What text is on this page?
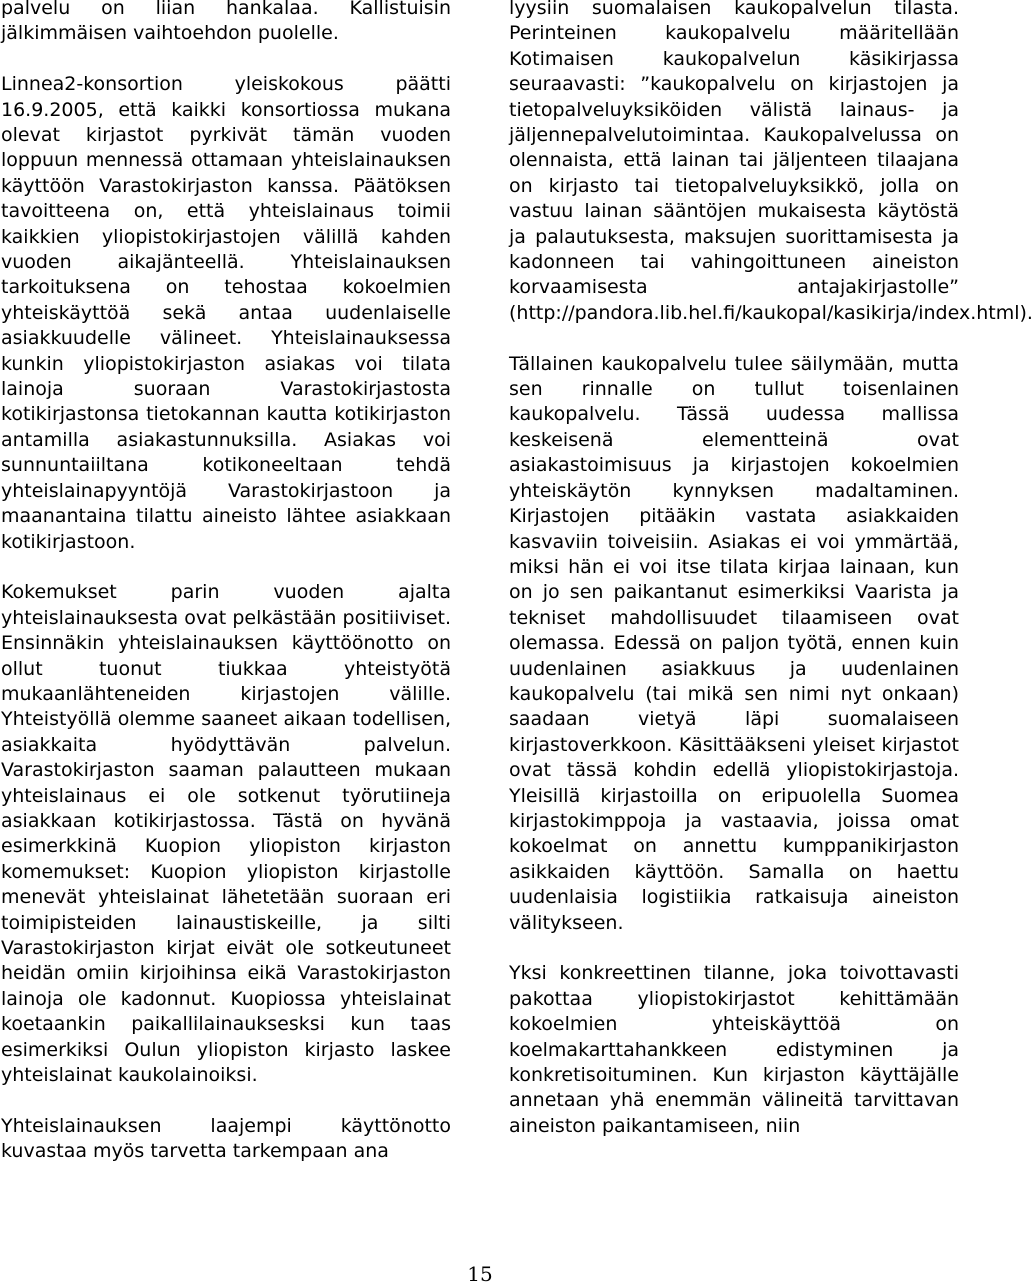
palvelu on liian hankalaa. Kallistuisin jälkimmäisen vaihtoehdon puolelle.

Linnea2-konsortion yleiskokous päätti 16.9.2005, että kaikki konsortiossa mukana olevat kirjastot pyrkivät tämän vuoden loppuun mennessä ottamaan yhteislainauksen käyttöön Varastokirjaston kanssa. Päätöksen tavoitteena on, että yhteislainaus toimii kaikkien yliopistokirjastojen välillä kahden vuoden aikajänteellä. Yhteislainauksen tarkoituksena on tehostaa kokoelmien yhteiskäyttöä sekä antaa uudenlaiselle asiakkuudelle välineet. Yhteislainauksessa kunkin yliopistokirjaston asiakas voi tilata lainoja suoraan Varastokirjastosta kotikirjastonsa tietokannan kautta kotikirjaston antamilla asiakastunnuksilla. Asiakas voi sunnuntaiiltana kotikoneeltaan tehdä yhteislainapyyntöjä Varastokirjastoon ja maanantaina tilattu aineisto lähtee asiakkaan kotikirjastoon.

Kokemukset parin vuoden ajalta yhteislainauksesta ovat pelkästään positiiviset. Ensinnäkin yhteislainauksen käyttöönotto on ollut tuonut tiukkaa yhteistyötä mukaanlähteneiden kirjastojen välille. Yhteistyöllä olemme saaneet aikaan todellisen, asiakkaita hyödyttävän palvelun. Varastokirjaston saaman palautteen mukaan yhteislainaus ei ole sotkenut työrutiineja asiakkaan kotikirjastossa. Tästä on hyvänä esimerkkinä Kuopion yliopiston kirjaston komemukset: Kuopion yliopiston kirjastolle menevät yhteislainat lähetetään suoraan eri toimipisteiden lainaustiskeille, ja silti Varastokirjaston kirjat eivät ole sotkeutuneet heidän omiin kirjoihinsa eikä Varastokirjaston lainoja ole kadonnut. Kuopiossa yhteislainat koetaankin paikallilainauksesksi kun taas esimerkiksi Oulun yliopiston kirjasto laskee yhteislainat kaukolainoiksi.

Yhteislainauksen laajempi käyttönotto kuvastaa myös tarvetta tarkempaan ana

lyysiin suomalaisen kaukopalvelun tilasta. Perinteinen kaukopalvelu määritellään Kotimaisen kaukopalvelun käsikirjassa seuraavasti: ”kaukopalvelu on kirjastojen ja tietopalveluyksiköiden välistä lainaus- ja jäljennepalvelutoimintaa. Kaukopalvelussa on olennaista, että lainan tai jäljenteen tilaajana on kirjasto tai tietopalveluyksikkö, jolla on vastuu lainan sääntöjen mukaisesta käytöstä ja palautuksesta, maksujen suorittamisesta ja kadonneen tai vahingoittuneen aineiston korvaamisesta antajakirjastolle” (http://pandora.lib.hel.fi/kaukopal/kasikirja/index.html).

Tällainen kaukopalvelu tulee säilymään, mutta sen rinnalle on tullut toisenlainen kaukopalvelu. Tässä uudessa mallissa keskeisenä elementteinä ovat asiakastoimisuus ja kirjastojen kokoelmien yhteiskäytön kynnyksen madaltaminen. Kirjastojen pitääkin vastata asiakkaiden kasvaviin toiveisiin. Asiakas ei voi ymmärtää, miksi hän ei voi itse tilata kirjaa lainaan, kun on jo sen paikantanut esimerkiksi Vaarista ja tekniset mahdollisuudet tilaamiseen ovat olemassa. Edessä on paljon työtä, ennen kuin uudenlainen asiakkuus ja uudenlainen kaukopalvelu (tai mikä sen nimi nyt onkaan) saadaan vietyä läpi suomalaiseen kirjastoverkkoon. Käsittääkseni yleiset kirjastot ovat tässä kohdin edellä yliopistokirjastoja. Yleisillä kirjastoilla on eripuolella Suomea kirjastokimppoja ja vastaavia, joissa omat kokoelmat on annettu kumppanikirjaston asikkaiden käyttöön. Samalla on haettu uudenlaisia logistiikia ratkaisuja aineiston välitykseen.

Yksi konkreettinen tilanne, joka toivottavasti pakottaa yliopistokirjastot kehittämään kokoelmien yhteiskäyttöä on koelmakarttahankkeen edistyminen ja konkretisoituminen. Kun kirjaston käyttäjälle annetaan yhä enemmän välineitä tarvittavan aineiston paikantamiseen, niin

15
